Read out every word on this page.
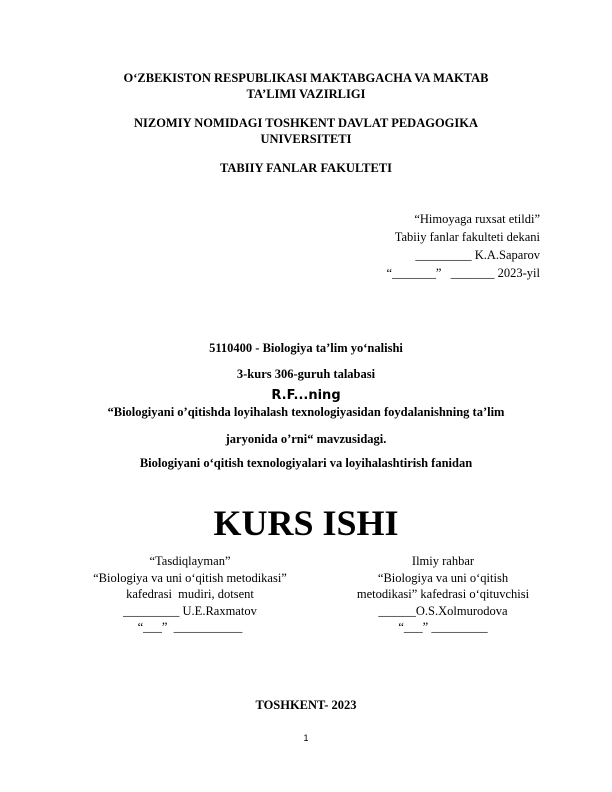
O‘ZBEKISTON RESPUBLIKASI MAKTABGACHA VA MAKTAB
TA’LIMI VAZIRLIGI
NIZOMIY NOMIDAGI TOSHKENT DAVLAT PEDAGOGIKA
UNIVERSITETI
TABIIY FANLAR FAKULTETI
“Himoyaga ruxsat etildi”
Tabiiy fanlar fakulteti dekani
_________ K.A.Saparov
“_______”   _______ 2023-yil
5110400 - Biologiya ta’lim yo‘nalishi
3-kurs 306-guruh talabasi
R.F...ning
“Biologiyani o’qitishda loyihalash texnologiyasidan foydalanishning ta’lim
jaryonida o’rni“ mavzusidagi.
Biologiyani o‘qitish texnologiyalari va loyihalashtirish fanidan
KURS ISHI
“Tasdiqlayman”
“Biologiya va uni o‘qitish metodikasi”
kafedrasi  mudiri, dotsent
_________ U.E.Raxmatov
“___”  ___________
Ilmiy rahbar
“Biologiya va uni o‘qitish
metodikasi” kafedrasi o‘qituvchisi
______O.S.Xolmurodova
“___” _________
TOSHKENT- 2023
1
